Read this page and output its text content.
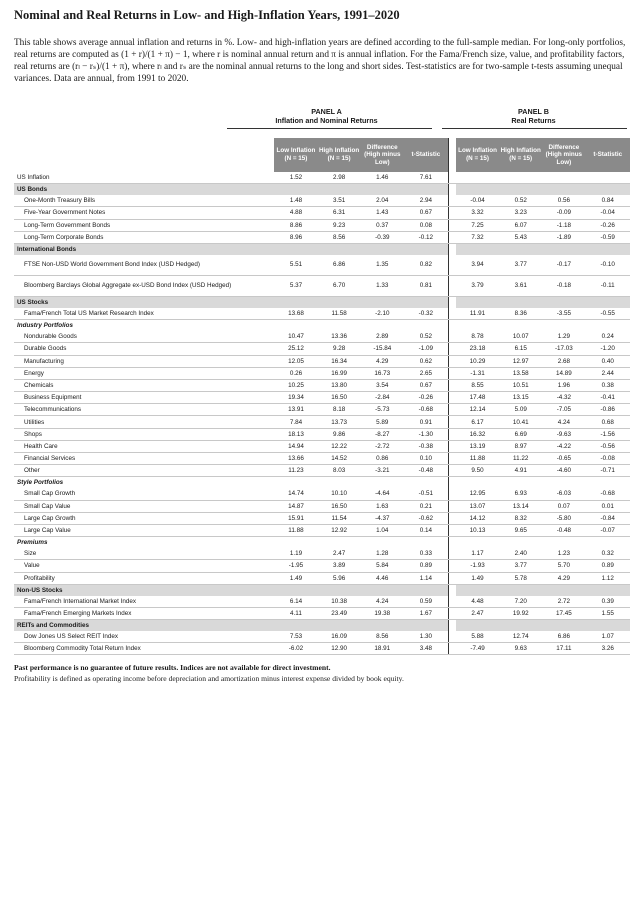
Nominal and Real Returns in Low- and High-Inflation Years, 1991–2020
This table shows average annual inflation and returns in %. Low- and high-inflation years are defined according to the full-sample median. For long-only portfolios, real returns are computed as (1 + r)/(1 + π) − 1, where r is nominal annual return and π is annual inflation. For the Fama/French size, value, and profitability factors, real returns are (rₗ − rₛ)/(1 + π), where rₗ and rₛ are the nominal annual returns to the long and short sides. Test-statistics are for two-sample t-tests assuming unequal variances. Data are annual, from 1991 to 2020.
PANEL A
Inflation and Nominal Returns
PANEL B
Real Returns
	Low Inflation (N = 15)	High Inflation (N = 15)	Difference (High minus Low)	t-Statistic		Low Inflation (N = 15)	High Inflation (N = 15)	Difference (High minus Low)	t-Statistic
US Inflation	1.52	2.98	1.46	7.61					
US Bonds									
One-Month Treasury Bills	1.48	3.51	2.04	2.94		-0.04	0.52	0.56	0.84
Five-Year Government Notes	4.88	6.31	1.43	0.67		3.32	3.23	-0.09	-0.04
Long-Term Government Bonds	8.86	9.23	0.37	0.08		7.25	6.07	-1.18	-0.26
Long-Term Corporate Bonds	8.96	8.56	-0.39	-0.12		7.32	5.43	-1.89	-0.59
International Bonds									
FTSE Non-USD World Government Bond Index (USD Hedged)	5.51	6.86	1.35	0.82		3.94	3.77	-0.17	-0.10
Bloomberg Barclays Global Aggregate ex-USD Bond Index (USD Hedged)	5.37	6.70	1.33	0.81		3.79	3.61	-0.18	-0.11
US Stocks									
Fama/French Total US Market Research Index	13.68	11.58	-2.10	-0.32		11.91	8.36	-3.55	-0.55
Industry Portfolios									
Nondurable Goods	10.47	13.36	2.89	0.52		8.78	10.07	1.29	0.24
Durable Goods	25.12	9.28	-15.84	-1.09		23.18	6.15	-17.03	-1.20
Manufacturing	12.05	16.34	4.29	0.62		10.29	12.97	2.68	0.40
Energy	0.26	16.99	16.73	2.65		-1.31	13.58	14.89	2.44
Chemicals	10.25	13.80	3.54	0.67		8.55	10.51	1.96	0.38
Business Equipment	19.34	16.50	-2.84	-0.26		17.48	13.15	-4.32	-0.41
Telecommunications	13.91	8.18	-5.73	-0.68		12.14	5.09	-7.05	-0.86
Utilities	7.84	13.73	5.89	0.91		6.17	10.41	4.24	0.68
Shops	18.13	9.86	-8.27	-1.30		16.32	6.69	-9.63	-1.56
Health Care	14.94	12.22	-2.72	-0.38		13.19	8.97	-4.22	-0.56
Financial Services	13.66	14.52	0.86	0.10		11.88	11.22	-0.65	-0.08
Other	11.23	8.03	-3.21	-0.48		9.50	4.91	-4.60	-0.71
Style Portfolios									
Small Cap Growth	14.74	10.10	-4.64	-0.51		12.95	6.93	-6.03	-0.68
Small Cap Value	14.87	16.50	1.63	0.21		13.07	13.14	0.07	0.01
Large Cap Growth	15.91	11.54	-4.37	-0.62		14.12	8.32	-5.80	-0.84
Large Cap Value	11.88	12.92	1.04	0.14		10.13	9.65	-0.48	-0.07
Premiums									
Size	1.19	2.47	1.28	0.33		1.17	2.40	1.23	0.32
Value	-1.95	3.89	5.84	0.89		-1.93	3.77	5.70	0.89
Profitability	1.49	5.96	4.46	1.14		1.49	5.78	4.29	1.12
Non-US Stocks									
Fama/French International Market Index	6.14	10.38	4.24	0.59		4.48	7.20	2.72	0.39
Fama/French Emerging Markets Index	4.11	23.49	19.38	1.67		2.47	19.92	17.45	1.55
REITs and Commodities									
Dow Jones US Select REIT Index	7.53	16.09	8.56	1.30		5.88	12.74	6.86	1.07
Bloomberg Commodity Total Return Index	-6.02	12.90	18.91	3.48		-7.49	9.63	17.11	3.26
Past performance is no guarantee of future results. Indices are not available for direct investment.
Profitability is defined as operating income before depreciation and amortization minus interest expense divided by book equity.
